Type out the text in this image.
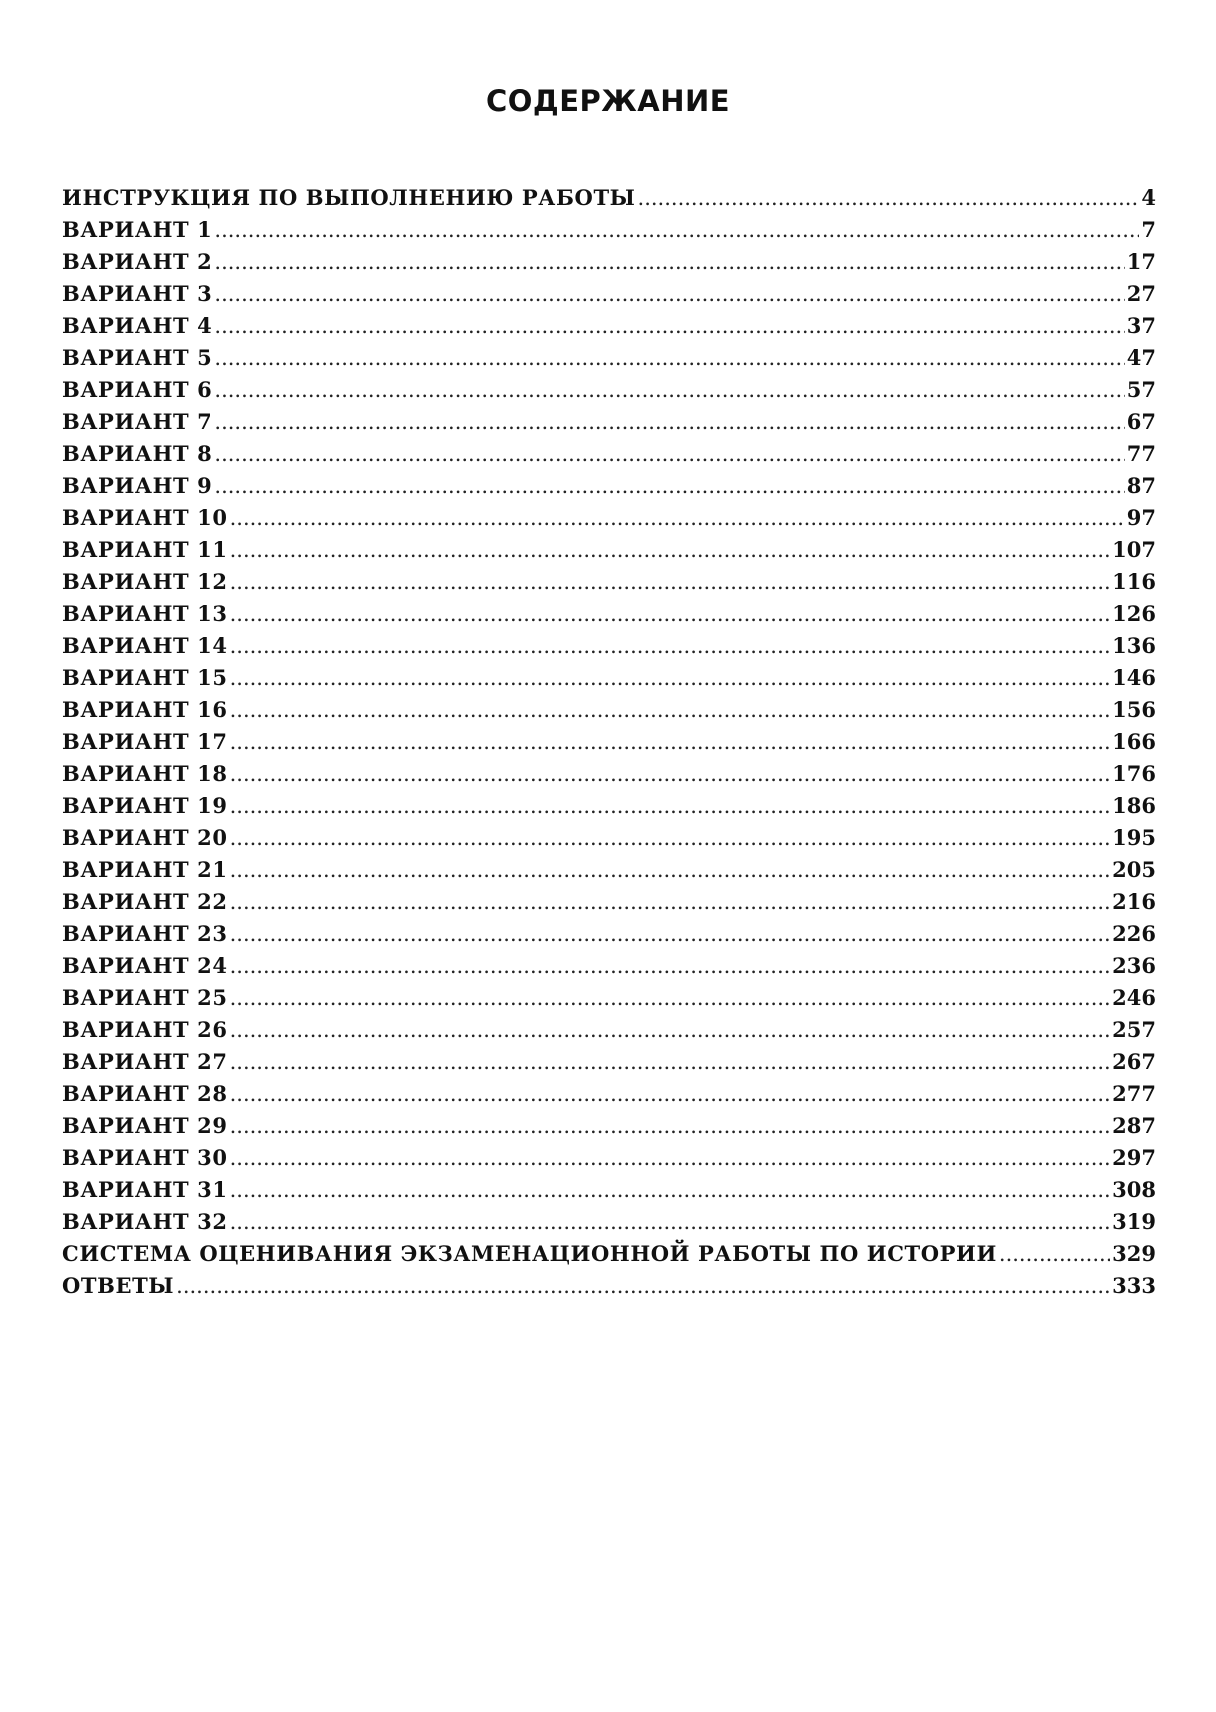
СОДЕРЖАНИЕ
ИНСТРУКЦИЯ ПО ВЫПОЛНЕНИЮ РАБОТЫ .....	4
ВАРИАНТ 1 .....	7
ВАРИАНТ 2 .....	17
ВАРИАНТ 3 .....	27
ВАРИАНТ 4 .....	37
ВАРИАНТ 5 .....	47
ВАРИАНТ 6 .....	57
ВАРИАНТ 7 .....	67
ВАРИАНТ 8 .....	77
ВАРИАНТ 9 .....	87
ВАРИАНТ 10 .....	97
ВАРИАНТ 11 .....	107
ВАРИАНТ 12 .....	116
ВАРИАНТ 13 .....	126
ВАРИАНТ 14 .....	136
ВАРИАНТ 15 .....	146
ВАРИАНТ 16 .....	156
ВАРИАНТ 17 .....	166
ВАРИАНТ 18 .....	176
ВАРИАНТ 19 .....	186
ВАРИАНТ 20 .....	195
ВАРИАНТ 21 .....	205
ВАРИАНТ 22 .....	216
ВАРИАНТ 23 .....	226
ВАРИАНТ 24 .....	236
ВАРИАНТ 25 .....	246
ВАРИАНТ 26 .....	257
ВАРИАНТ 27 .....	267
ВАРИАНТ 28 .....	277
ВАРИАНТ 29 .....	287
ВАРИАНТ 30 .....	297
ВАРИАНТ 31 .....	308
ВАРИАНТ 32 .....	319
СИСТЕМА ОЦЕНИВАНИЯ ЭКЗАМЕНАЦИОННОЙ РАБОТЫ ПО ИСТОРИИ .....	329
ОТВЕТЫ .....	333
